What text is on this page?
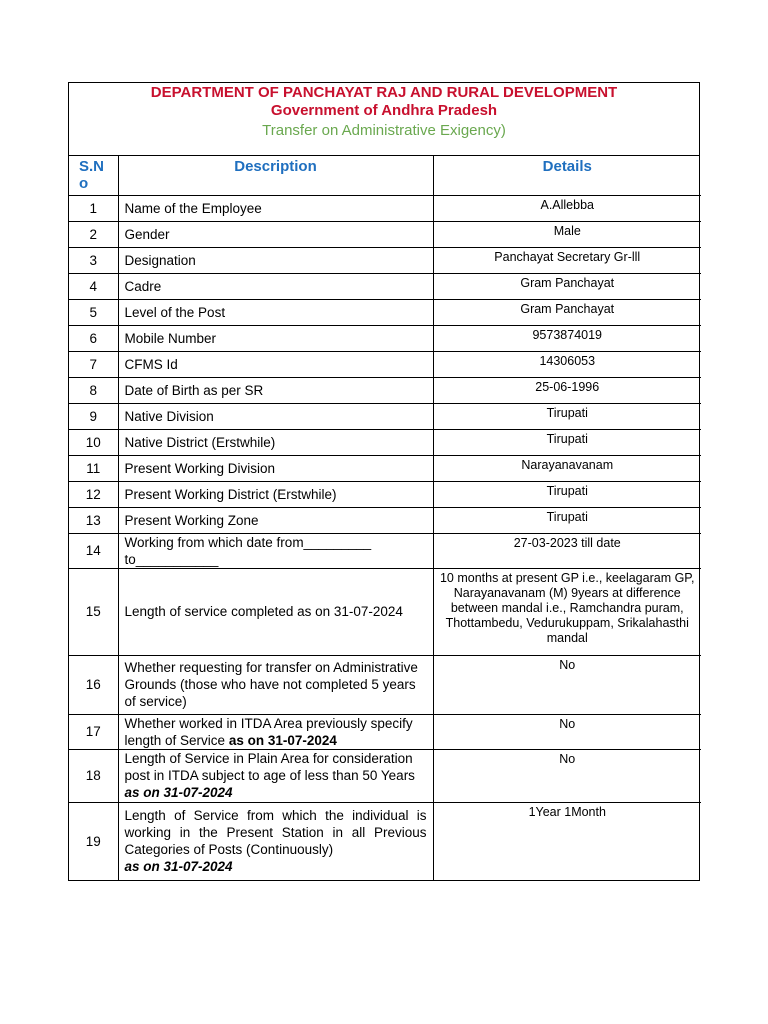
DEPARTMENT OF PANCHAYAT RAJ AND RURAL DEVELOPMENT
Government of Andhra Pradesh
Transfer on Administrative Exigency)
S.N
o	Description	Details
1	Name of the Employee	A.Allebba
2	Gender	Male
3	Designation	Panchayat Secretary Gr-lll
4	Cadre	Gram Panchayat
5	Level of the Post	Gram Panchayat
6	Mobile Number	9573874019
7	CFMS Id	14306053
8	Date of Birth as per SR	25-06-1996
9	Native Division	Tirupati
10	Native District (Erstwhile)	Tirupati
11	Present Working Division	Narayanavanam
12	Present Working District (Erstwhile)	Tirupati
13	Present Working Zone	Tirupati
14	Working from which date from_________ to___________	27-03-2023 till date
15	Length of service completed as on 31-07-2024	10 months at present GP i.e., keelagaram GP, Narayanavanam (M) 9years at difference between mandal i.e., Ramchandra puram, Thottambedu, Vedurukuppam, Srikalahasthi mandal
16	Whether requesting for transfer on Administrative Grounds (those who have not completed 5 years of service)	No
17	Whether worked in ITDA Area previously specify length of Service as on 31-07-2024	No
18	Length of Service in Plain Area for consideration post in ITDA subject to age of less than 50 Years  as on 31-07-2024	No
19	Length of Service from which the individual is working in the Present Station in all Previous Categories of Posts (Continuously)
as on 31-07-2024	1Year 1Month
